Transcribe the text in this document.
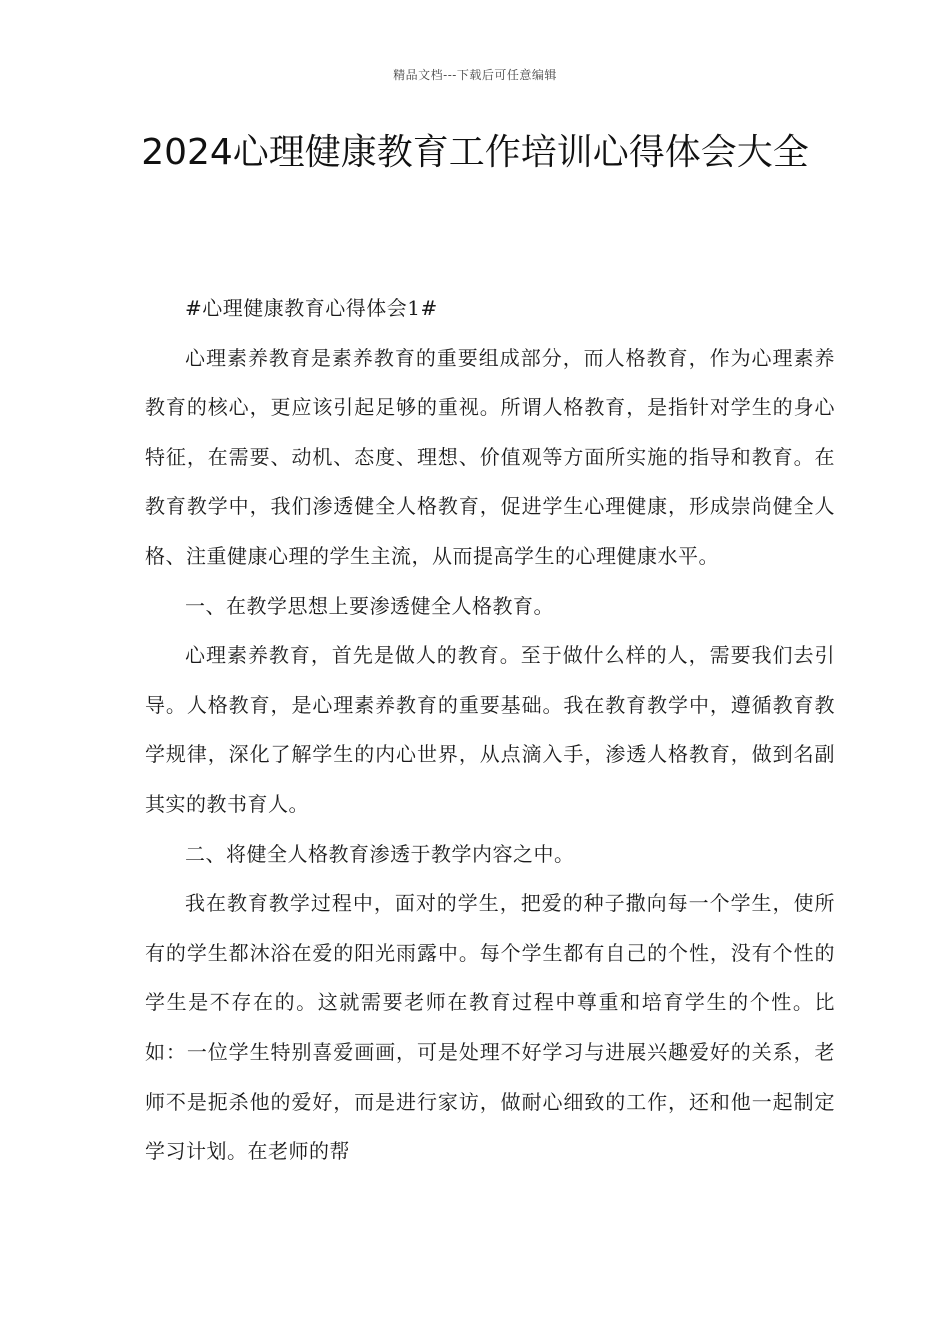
精品文档---下载后可任意编辑
2024心理健康教育工作培训心得体会大全

#心理健康教育心得体会1#

心理素养教育是素养教育的重要组成部分，而人格教育，作为心理素养教育的核心，更应该引起足够的重视。所谓人格教育，是指针对学生的身心特征，在需要、动机、态度、理想、价值观等方面所实施的指导和教育。在教育教学中，我们渗透健全人格教育，促进学生心理健康，形成崇尚健全人格、注重健康心理的学生主流，从而提高学生的心理健康水平。

一、在教学思想上要渗透健全人格教育。

心理素养教育，首先是做人的教育。至于做什么样的人，需要我们去引导。人格教育，是心理素养教育的重要基础。我在教育教学中，遵循教育教学规律，深化了解学生的内心世界，从点滴入手，渗透人格教育，做到名副其实的教书育人。

二、将健全人格教育渗透于教学内容之中。

我在教育教学过程中，面对的学生，把爱的种子撒向每一个学生，使所有的学生都沐浴在爱的阳光雨露中。每个学生都有自己的个性，没有个性的学生是不存在的。这就需要老师在教育过程中尊重和培育学生的个性。比如：一位学生特别喜爱画画，可是处理不好学习与进展兴趣爱好的关系，老师不是扼杀他的爱好，而是进行家访，做耐心细致的工作，还和他一起制定学习计划。在老师的帮
